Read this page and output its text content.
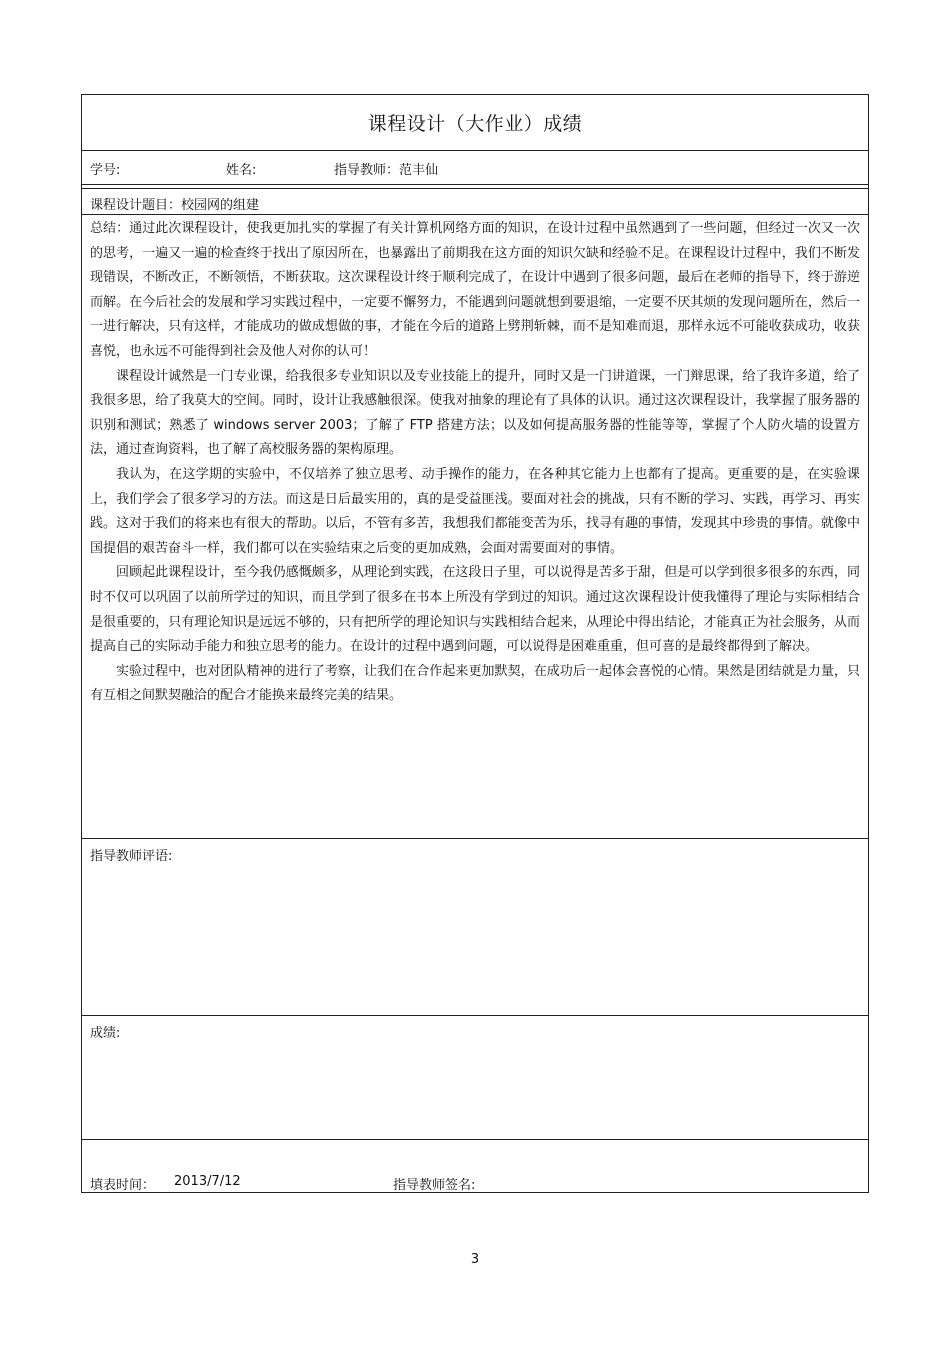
课程设计（大作业）成绩
学号:	姓名:	指导教师：范丰仙
课程设计题目：校园网的组建

总结：通过此次课程设计，使我更加扎实的掌握了有关计算机网络方面的知识，在设计过程中虽然遇到了一些问题，但经过一次又一次的思考，一遍又一遍的检查终于找出了原因所在，也暴露出了前期我在这方面的知识欠缺和经验不足。在课程设计过程中，我们不断发现错误，不断改正，不断领悟，不断获取。这次课程设计终于顺利完成了，在设计中遇到了很多问题，最后在老师的指导下，终于游逆而解。在今后社会的发展和学习实践过程中，一定要不懈努力，不能遇到问题就想到要退缩，一定要不厌其烦的发现问题所在，然后一一进行解决，只有这样，才能成功的做成想做的事，才能在今后的道路上劈荆斩棘，而不是知难而退，那样永远不可能收获成功，收获喜悦，也永远不可能得到社会及他人对你的认可！

课程设计诚然是一门专业课，给我很多专业知识以及专业技能上的提升，同时又是一门讲道课，一门辩思课，给了我许多道，给了我很多思，给了我莫大的空间。同时，设计让我感触很深。使我对抽象的理论有了具体的认识。通过这次课程设计，我掌握了服务器的识别和测试；熟悉了 windows server 2003；了解了 FTP 搭建方法；以及如何提高服务器的性能等等，掌握了个人防火墙的设置方法，通过查询资料，也了解了高校服务器的架构原理。

我认为，在这学期的实验中，不仅培养了独立思考、动手操作的能力，在各种其它能力上也都有了提高。更重要的是，在实验课上，我们学会了很多学习的方法。而这是日后最实用的，真的是受益匪浅。要面对社会的挑战，只有不断的学习、实践，再学习、再实践。这对于我们的将来也有很大的帮助。以后，不管有多苦，我想我们都能变苦为乐，找寻有趣的事情，发现其中珍贵的事情。就像中国提倡的艰苦奋斗一样，我们都可以在实验结束之后变的更加成熟，会面对需要面对的事情。

回顾起此课程设计，至今我仍感慨颇多，从理论到实践，在这段日子里，可以说得是苦多于甜，但是可以学到很多很多的东西，同时不仅可以巩固了以前所学过的知识，而且学到了很多在书本上所没有学到过的知识。通过这次课程设计使我懂得了理论与实际相结合是很重要的，只有理论知识是远远不够的，只有把所学的理论知识与实践相结合起来，从理论中得出结论，才能真正为社会服务，从而提高自己的实际动手能力和独立思考的能力。在设计的过程中遇到问题，可以说得是困难重重，但可喜的是最终都得到了解决。

实验过程中，也对团队精神的进行了考察，让我们在合作起来更加默契，在成功后一起体会喜悦的心情。果然是团结就是力量，只有互相之间默契融洽的配合才能换来最终完美的结果。

指导教师评语:
成绩:
填表时间： 2013/7/12	指导教师签名:
3
